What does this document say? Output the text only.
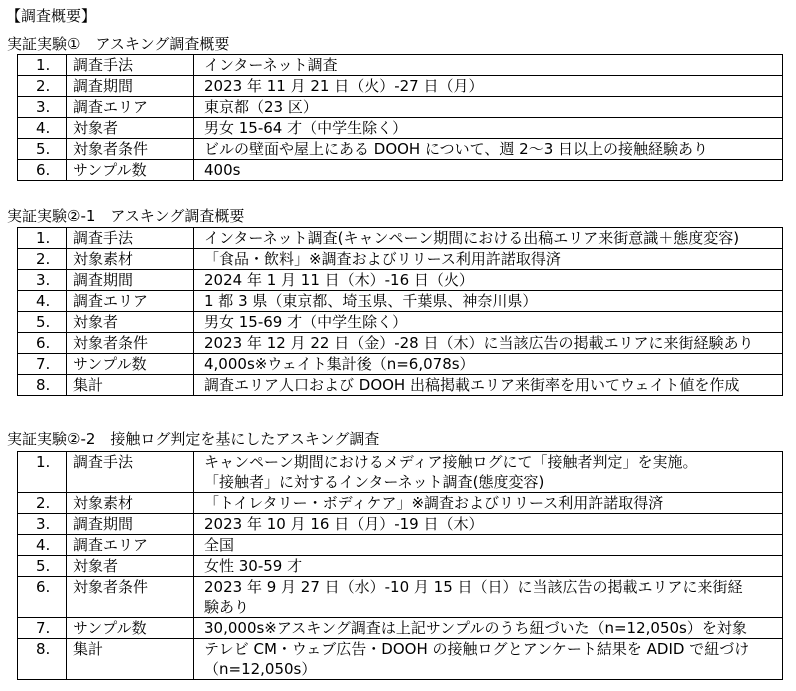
【調査概要】
実証実験①　アスキング調査概要
1.	調査手法	インターネット調査
2.	調査期間	2023 年 11 月 21 日（火）-27 日（月）
3.	調査エリア	東京都（23 区）
4.	対象者	男女 15-64 才（中学生除く）
5.	対象者条件	ビルの壁面や屋上にある DOOH について、週 2～3 日以上の接触経験あり
6.	サンプル数	400s
実証実験②-1　アスキング調査概要
1.	調査手法	インターネット調査(キャンペーン期間における出稿エリア来街意識＋態度変容)
2.	対象素材	「食品・飲料」※調査およびリリース利用許諾取得済
3.	調査期間	2024 年 1 月 11 日（木）-16 日（火）
4.	調査エリア	1 都 3 県（東京都、埼玉県、千葉県、神奈川県）
5.	対象者	男女 15-69 才（中学生除く）
6.	対象者条件	2023 年 12 月 22 日（金）-28 日（木）に当該広告の掲載エリアに来街経験あり
7.	サンプル数	4,000s※ウェイト集計後（n=6,078s）
8.	集計	調査エリア人口および DOOH 出稿掲載エリア来街率を用いてウェイト値を作成
実証実験②-2　接触ログ判定を基にしたアスキング調査
1.	調査手法	キャンペーン期間におけるメディア接触ログにて「接触者判定」を実施。
「接触者」に対するインターネット調査(態度変容)

2.	対象素材	「トイレタリー・ボディケア」※調査およびリリース利用許諾取得済
3.	調査期間	2023 年 10 月 16 日（月）-19 日（木）
4.	調査エリア	全国
5.	対象者	女性 30-59 才
6.	対象者条件	2023 年 9 月 27 日（水）-10 月 15 日（日）に当該広告の掲載エリアに来街経
験あり

7.	サンプル数	30,000s※アスキング調査は上記サンプルのうち紐づいた（n=12,050s）を対象
8.	集計	テレビ CM・ウェブ広告・DOOH の接触ログとアンケート結果を ADID で紐づけ
（n=12,050s）
